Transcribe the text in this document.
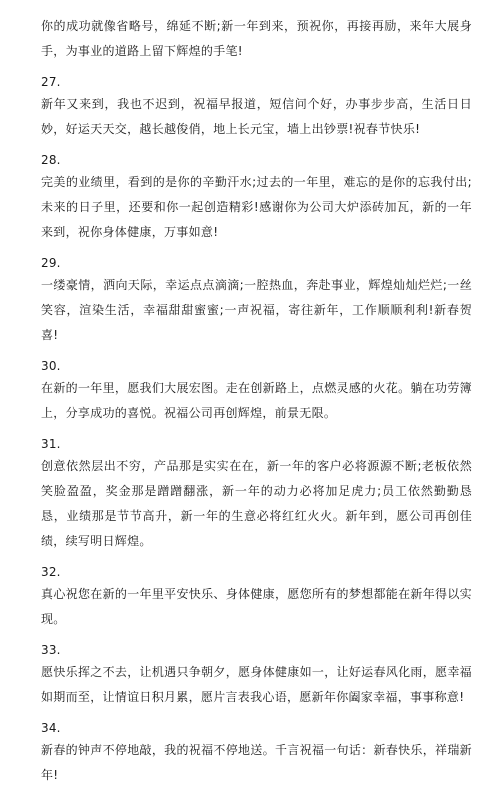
你的成功就像省略号，绵延不断;新一年到来，预祝你，再接再励，来年大展身手，为事业的道路上留下辉煌的手笔!

27.

新年又来到，我也不迟到，祝福早报道，短信问个好，办事步步高，生活日日妙，好运天天交，越长越俊俏，地上长元宝，墙上出钞票!祝春节快乐!

28.

完美的业绩里，看到的是你的辛勤汗水;过去的一年里，难忘的是你的忘我付出;未来的日子里，还要和你一起创造精彩!感谢你为公司大炉添砖加瓦，新的一年来到，祝你身体健康，万事如意!

29.

一缕豪情，洒向天际，幸运点点滴滴;一腔热血，奔赴事业，辉煌灿灿烂烂;一丝笑容，渲染生活，幸福甜甜蜜蜜;一声祝福，寄往新年，工作顺顺利利!新春贺喜!

30.

在新的一年里，愿我们大展宏图。走在创新路上，点燃灵感的火花。躺在功劳簿上，分享成功的喜悦。祝福公司再创辉煌，前景无限。

31.

创意依然层出不穷，产品那是实实在在，新一年的客户必将源源不断;老板依然笑脸盈盈，奖金那是蹭蹭翻涨，新一年的动力必将加足虎力;员工依然勤勤恳恳，业绩那是节节高升，新一年的生意必将红红火火。新年到，愿公司再创佳绩，续写明日辉煌。

32.

真心祝您在新的一年里平安快乐、身体健康，愿您所有的梦想都能在新年得以实现。

33.

愿快乐挥之不去，让机遇只争朝夕，愿身体健康如一，让好运春风化雨，愿幸福如期而至，让情谊日积月累，愿片言表我心语，愿新年你阖家幸福，事事称意!

34.

新春的钟声不停地敲，我的祝福不停地送。千言祝福一句话：新春快乐，祥瑞新年!
